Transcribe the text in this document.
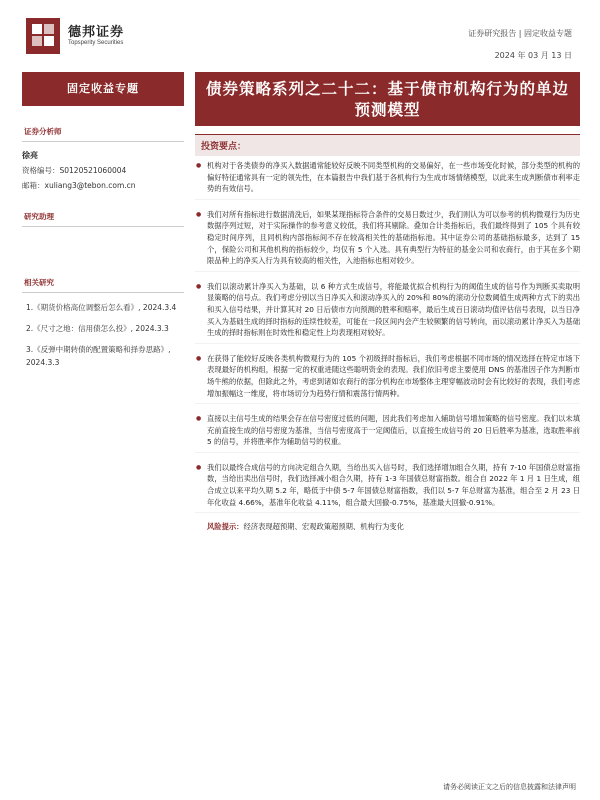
德邦证券
Topsperity Securities
证券研究报告 | 固定收益专题
2024 年 03 月 13 日
固定收益专题
证券分析师
徐亮
资格编号：S0120521060004
邮箱：xuliang3@tebon.com.cn
研究助理
相关研究
1.《期货价格高位调整后怎么看》, 2024.3.4
2.《尺寸之地：信用债怎么投》, 2024.3.3
3.《反弹中期转债的配置策略和择券思路》, 2024.3.3
债券策略系列之二十二：基于债市机构行为的单边预测模型
投资要点：
● 机构对于各类债券的净买入数据通常能较好反映不同类型机构的交易偏好，在一些市场变化时候，部分类型的机构的偏好特征通常具有一定的领先性，在本篇报告中我们基于各机构行为生成市场情绪模型，以此来生成判断债市利率走势的有效信号。
● 我们对所有指标进行数据清洗后，如果某现指标符合条件的交易日数过少，我们则认为可以参考的机构微观行为历史数据序列过短，对于实际操作的参考意义较低，我们将其剔除。叠加合计类指标后，我们最终得到了 105 个具有较稳定时间序列，且同机构内部指标间不存在较高相关性的基础指标池。其中证券公司的基础指标最多，达到了 15 个，保险公司和其他机构的指标较少，均仅有 5 个入选。具有典型行为特征的基金公司和农商行，由于其在多个期限品种上的净买入行为具有较高的相关性，入池指标也相对较少。
● 我们以滚动累计净买入为基础，以 6 种方式生成信号，将能最优拟合机构行为的阈值生成的信号作为判断买卖取明显策略的信号点。我们考虑分别以当日净买入和滚动净买入的 20%和 80%的滚动分位数阈值生成两种方式下的卖出和买入信号结果，并计算其对 20 日后债市方向预测的胜率和赔率，最后生成百日滚动均值评估信号表现，以当日净买入为基础生成的择时指标的连续性较差，可能在一段区间内会产生较频繁的信号转向，而以滚动累计净买入为基础生成的择时指标则在时效性和稳定性上均表现相对较好。
● 在获得了能较好反映各类机构微观行为的 105 个初级择时指标后，我们考虑根据不同市场的情况选择在特定市场下表现最好的机构组，根据一定的权重进随这些聪明资金的表现。我们依旧考虑主要使用 DNS 的基准因子作为判断市场牛熊的依据，但除此之外，考虑到诸如农商行的部分机构在市场整体主理穿幅波动时会有比较好的表现，我们考虑增加振幅这一维度，将市场切分为趋势行情和震荡行情两种。
● 直接以主信号生成的结果会存在信号密度过低的问题，因此我们考虑加入辅助信号增加策略的信号密度。我们以未填充前直接生成的信号密度为基准，当信号密度高于一定阈值后，以直接生成信号的 20 日后胜率为基准，选取胜率前 5 的信号，并将胜率作为辅助信号的权重。
● 我们以最终合成信号的方向决定组合久期，当给出买入信号时，我们选择增加组合久期，持有 7-10 年国债总财富指数，当给出卖出信号时，我们选择减小组合久期，持有 1-3 年国债总财富指数。组合自 2022 年 1 月 1 日生成，组合成立以来平均久期 5.2 年，略低于中债 5-7 年国债总财富指数，我们以 5-7 年总财富为基准，组合至 2 月 23 日年化收益 4.66%，基准年化收益 4.11%，组合最大回撤-0.75%，基准最大回撤-0.91%。
风险提示：经济表现超预期、宏观政策超预期、机构行为变化
请务必阅读正文之后的信息披露和法律声明
